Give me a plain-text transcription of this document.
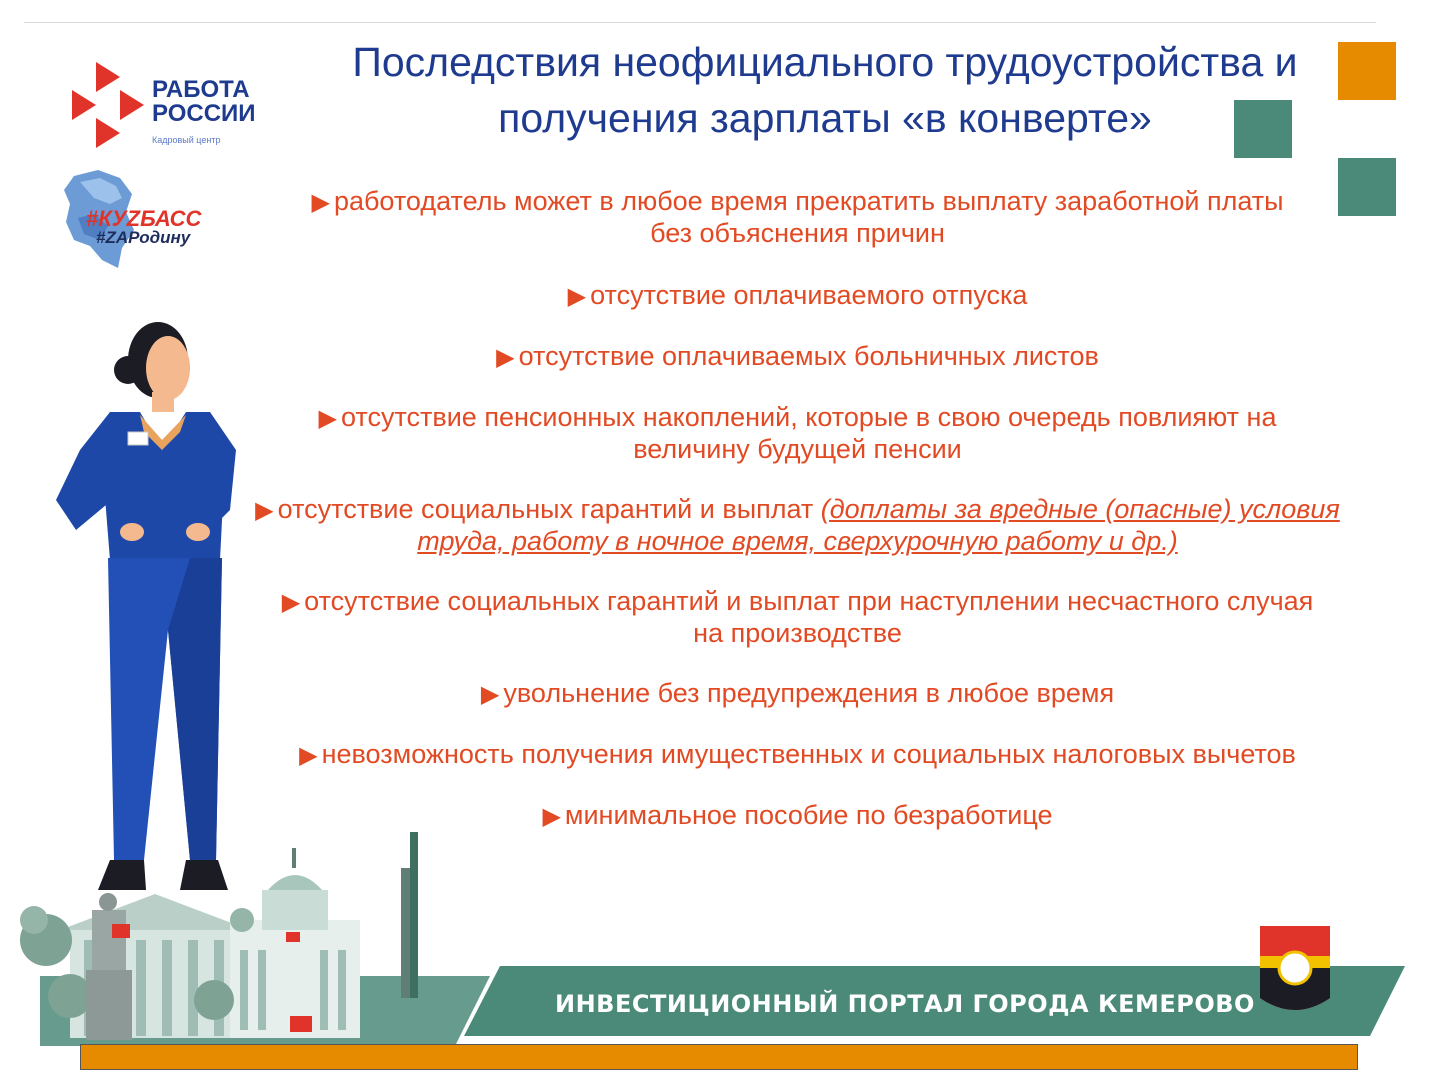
РАБОТА
РОССИИ
Кадровый центр
#КУZБАСС
#ZAРодину
Последствия неофициального трудоустройства и
получения зарплаты «в конверте»
▶ работодатель может в любое время прекратить выплату заработной платы
без объяснения причин
▶ отсутствие оплачиваемого отпуска
▶ отсутствие оплачиваемых больничных листов
▶ отсутствие пенсионных накоплений, которые в свою очередь повлияют на
величину будущей пенсии
▶ отсутствие социальных гарантий и выплат (доплаты за вредные (опасные) условия труда, работу в ночное время, сверхурочную работу и др.)
▶ отсутствие социальных гарантий и выплат при наступлении несчастного случая
на производстве
▶ увольнение без предупреждения в любое время
▶ невозможность получения имущественных и социальных налоговых вычетов
▶ минимальное пособие по безработице
ИНВЕСТИЦИОННЫЙ ПОРТАЛ ГОРОДА КЕМЕРОВО
